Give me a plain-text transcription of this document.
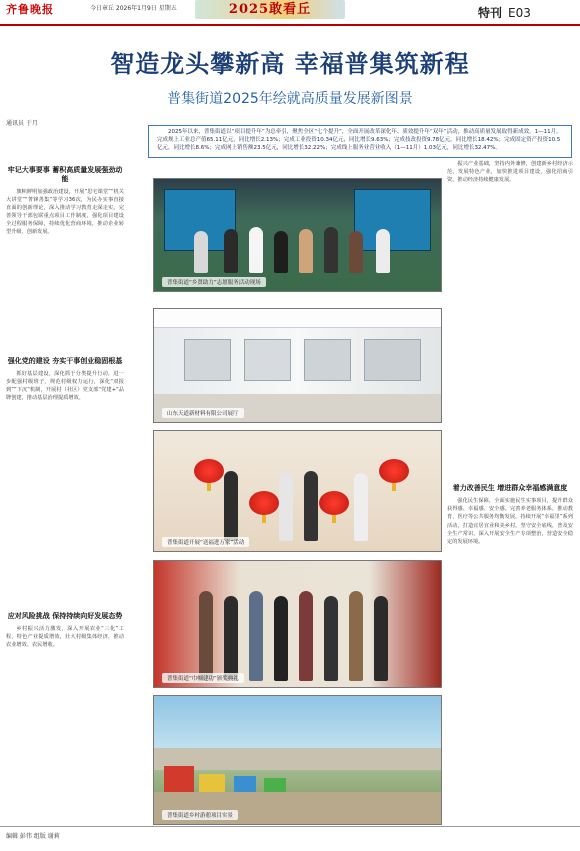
齐鲁晚报	今日章丘 2026年1月9日 星期五	2025敢看丘	特刊 E03
智造龙头攀新高 幸福普集筑新程
普集街道2025年绘就高质量发展新图景
通讯员 于月
2025年以来，普集街道以“项目提升年”为总牵引，聚焦全区“七个提升”，全面开展改革深化年、质效提升年“双年”活动，推动高质量发展取得新成效。1—11月，完成规上工业总产值65.11亿元，同比增长2.13%；完成工业投资10.34亿元，同比增长9.63%；完成技改投资9.78亿元，同比增长18.42%；完成固定资产投资10.5亿元，同比增长8.6%；完成网上销售额23.5亿元，同比增长32.22%；完成线上服务业营业收入（1—11月）1.03亿元，同比增长32.47%。
牢记大事要事 蓄积高质量发展强劲动能

旗帜鲜明加强政治建设，开展“思宅课堂”“机关大讲堂”“菁锋善集”等学习36次，为民办实事直接直面的创新理论，深入推动学习教育走深走实。完善领导干部包联重点项目工作制度，强化项目建设全过程服务保障，持续优化营商环境，推动企业转型升级、创新发展。

强化党的建设 夯实干事创业稳固根基

抓好基层建设，深化抓于分类提升行动，进一步配强村级班子，规范村级权力运行，深化“双报到”“下沉”机制，开展村（社区）党支部“党建+”品牌创建，推动基层治理提质增效。

应对风险挑战 保持持续向好发展态势

乡村振兴活力激发，深入开展农业“三化”工程，特色产业提质增效，壮大村级集体经济，推动农业增效、农民增收。

振兴产业基础，坚持内外兼修，创建新乡村经济示范，发展特色产业，加快推进项目建设，强化招商引资，推动经济持续健康发展。

着力改善民生 增进群众幸福感满意度

强化民生保障，全面实施民生实事项目，提升群众获得感、幸福感、安全感。完善养老服务体系，推动教育、医疗等公共服务均衡发展，持续开展“幸福里”系列活动，打造宜居宜业和美乡村。坚守安全底线，普及安全生产常识，深入开展安全生产专项整治，营造安全稳定的发展环境。

普集街道“乡贤助力”志愿服务活动现场
山东天道新材料有限公司展厅
普集街道开展“送福进万家”活动
普集街道“巾帼建功”颁奖典礼
普集街道乡村游憩项目实景
编辑 彭伟 组版 谢莉
